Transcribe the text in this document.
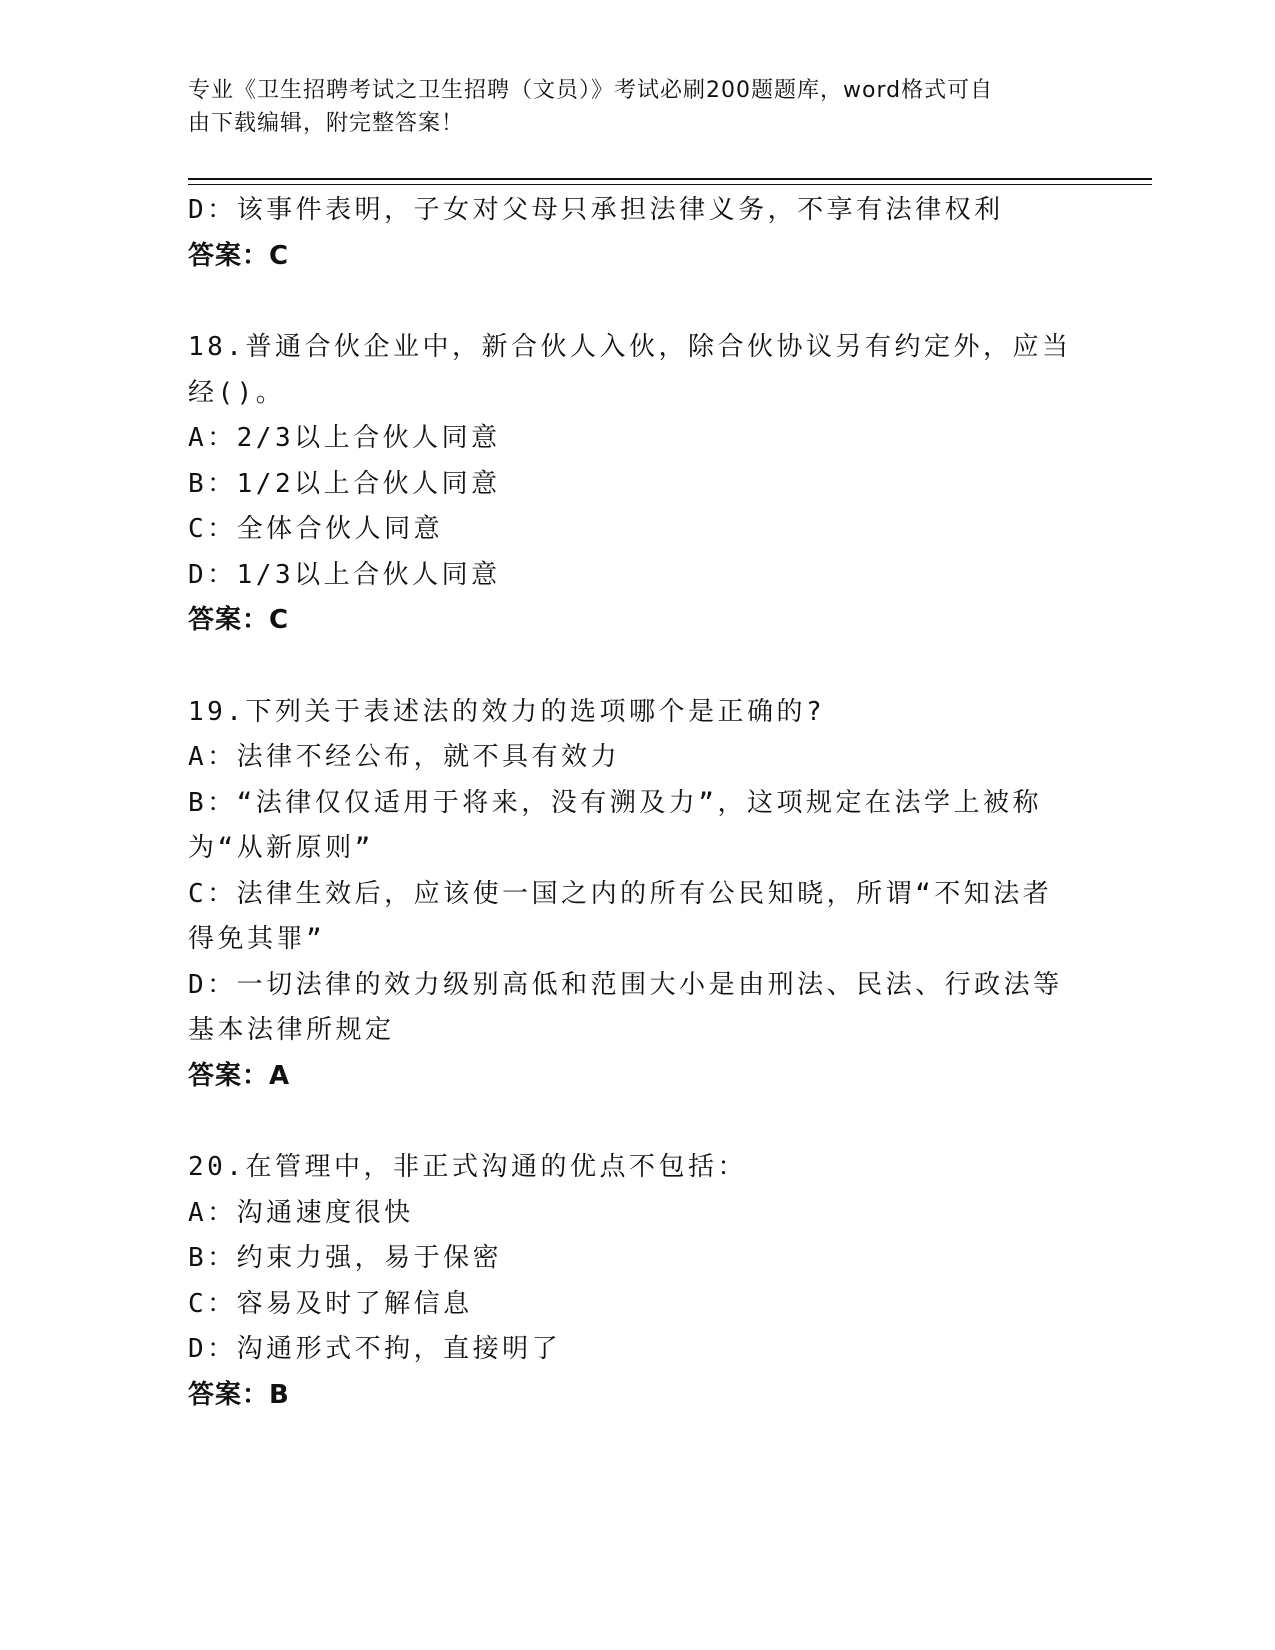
专业《卫生招聘考试之卫生招聘（文员）》考试必刷200题题库，word格式可自
由下载编辑，附完整答案！

D：该事件表明，子女对父母只承担法律义务，不享有法律权利

答案：C

18.普通合伙企业中，新合伙人入伙，除合伙协议另有约定外，应当经()。

A：2/3以上合伙人同意

B：1/2以上合伙人同意

C：全体合伙人同意

D：1/3以上合伙人同意

答案：C

19.下列关于表述法的效力的选项哪个是正确的?

A：法律不经公布，就不具有效力

B：“法律仅仅适用于将来，没有溯及力”，这项规定在法学上被称为“从新原则”

C：法律生效后，应该使一国之内的所有公民知晓，所谓“不知法者得免其罪”

D：一切法律的效力级别高低和范围大小是由刑法、民法、行政法等基本法律所规定

答案：A

20.在管理中，非正式沟通的优点不包括：

A：沟通速度很快

B：约束力强，易于保密

C：容易及时了解信息

D：沟通形式不拘，直接明了

答案：B
